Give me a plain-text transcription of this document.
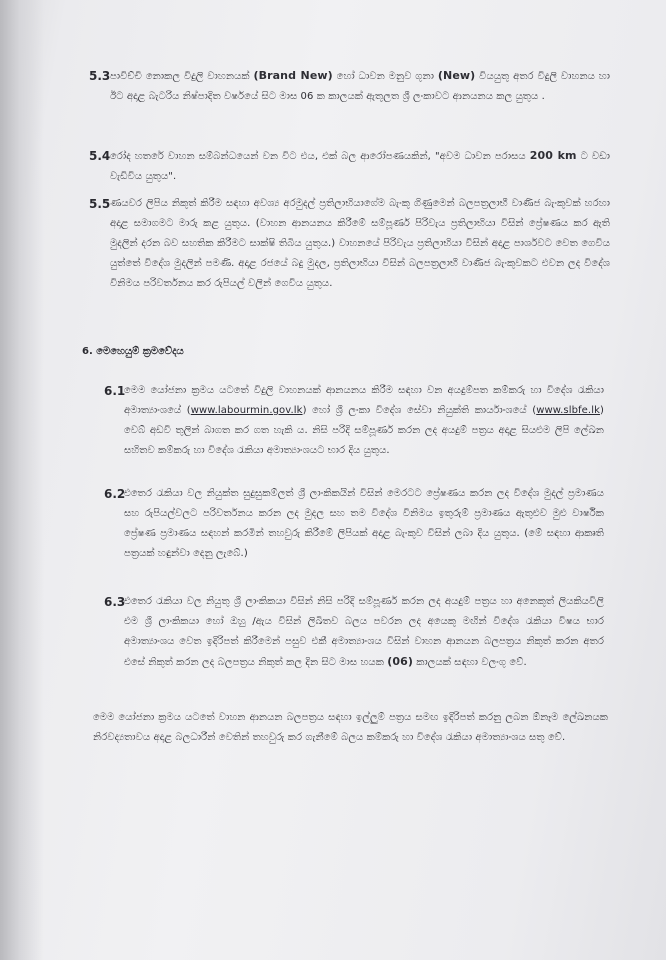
5.3 පාවිච්චි නොකල විදුලි වාහනයක් (Brand New) හෝ ධාවන මනුව ගුනා (New) වියයුතු අතර විදුලි වාහනය හා ඊට අදාළ බැටරිය නිෂ්පාදිත වර්ෂයේ සිට මාස 06 ක කාලයක් ඇතුලත ශ්‍රී ලංකාවට ආනයනය කල යුතුය .
5.4 රෝද හතරේ වාහන සම්බන්ධයෙන් වන විට එය, එක් බල ආරෝපණයකින්, "අවම ධාවන පරාසය 200 km ට වඩා වැඩිවිය යුතුය".
5.5 ණයවර ලිපිය නිකුත් කිරීම සඳහා අවශ්‍ය අරමුදල් ප්‍රතිලාභියාගේම බැංකු ගිණුමෙන් බලපත්‍රලාභී වාණිජ බැංකුවක් හරහා අදාළ සමාගමට මාරු කළ යුතුය. (වාහන ආනයනය කිරීමේ සම්පූර්ණ පිරිවැය ප්‍රතිලාභියා විසින් ප්‍රේෂණය කර ඇති මුදලින් දරන බව සහතික කිරීමට සාක්ෂි තිබිය යුතුය.) වාහනයේ පිරිවැය ප්‍රතිලාභියා විසින් අදාළ පාර්ශවට වෙත ගෙවිය යුත්තේ විදේශ මුදලින් පමණි. අදාළ රජයේ බදු මුදල, ප්‍රතිලාභියා විසින් බලපත්‍රලාභී වාණිජ බැංකුවකට එවන ලද විදේශ විනිමය පරිවර්තනය කර රුපියල් වලින් ගෙවිය යුතුය.
6. මෙහෙයුම් ක්‍රමවේදය
6.1
මෙම යෝජනා ක්‍රමය යටතේ විදුලි වාහනයක් ආනයනය කිරීම සඳහා වන අයදුම්පත කම්කරු හා විදේශ රැකියා අමාත්‍යාංශයේ (www.labourmin.gov.lk) හෝ ශ්‍රී ලංකා විදේශ සේවා නියුක්ති කාර්යාංශයේ (www.slbfe.lk) වෙබ් අඩවි තුලින් බාගත කර ගත හැකි ය. නිසි පරිදි සම්පූර්ණ කරන ලද අයදුම් පත්‍රය අදාළ සියළුම ලිපි ලේඛන සහිතව කම්කරු හා විදේශ රැකියා අමාත්‍යාංශයට භාර දිය යුතුය.
6.2
එතෙර රැකියා වල නියුක්ත සුදුසුකම්ලත් ශ්‍රී ලාංකිකයින් විසින් මෙරටට ප්‍රේෂණය කරන ලද විදේශ මුදල් ප්‍රමාණය සහ රුපියල්වලට පරිවර්තනය කරන ලද මුදල සහ තම විදේශ විනිමය ඉතුරුම් ප්‍රමාණය ඇතුළුව මුළු වාර්ෂික ප්‍රේෂණ ප්‍රමාණය සඳහන් කරමින් තහවුරු කිරීමේ ලිපියක් අදාළ බැංකුව විසින් ලබා දිය යුතුය. (මේ සඳහා ආකෘති පත්‍රයක් හඳුන්වා දෙනු ලැබේ.)
6.3
එතෙර රැකියා වල නියුතු ශ්‍රී ලාංකිකයා විසින් නිසි පරිදි සම්පූර්ණ කරන ලද අයදුම් පත්‍රය හා අනෙකුත් ලියකියවිලි එම ශ්‍රී ලාංකිකයා හෝ ඔහු /ඇය විසින් ලිඛිතව බලය පවරන ලද අයෙකු මඟින් විදේශ රැකියා විෂය භාර අමාත්‍යාංශය වෙත ඉදිරිපත් කිරීමෙන් පසුව එකී අමාත්‍යාංශය විසින් වාහන ආනයන බලපත්‍රය නිකුත් කරන අතර එසේ නිකුත් කරන ලද බලපත්‍රය නිකුත් කල දින සිට මාස හයක (06) කාලයක් සඳහා වලංගු වේ.
මෙම යෝජනා ක්‍රමය යටතේ වාහන ආනයන බලපත්‍රය සඳහා ඉල්ලුම් පත්‍රය සමඟ ඉදිරිපත් කරනු ලබන ඕනෑම ලේඛනයක නිරවද්‍යතාවය අදාළ බලධාරීන් වෙතින් තහවුරු කර ගැනීමේ බලය කම්කරු හා විදේශ රැකියා අමාත්‍යාංශය සතු වේ.
